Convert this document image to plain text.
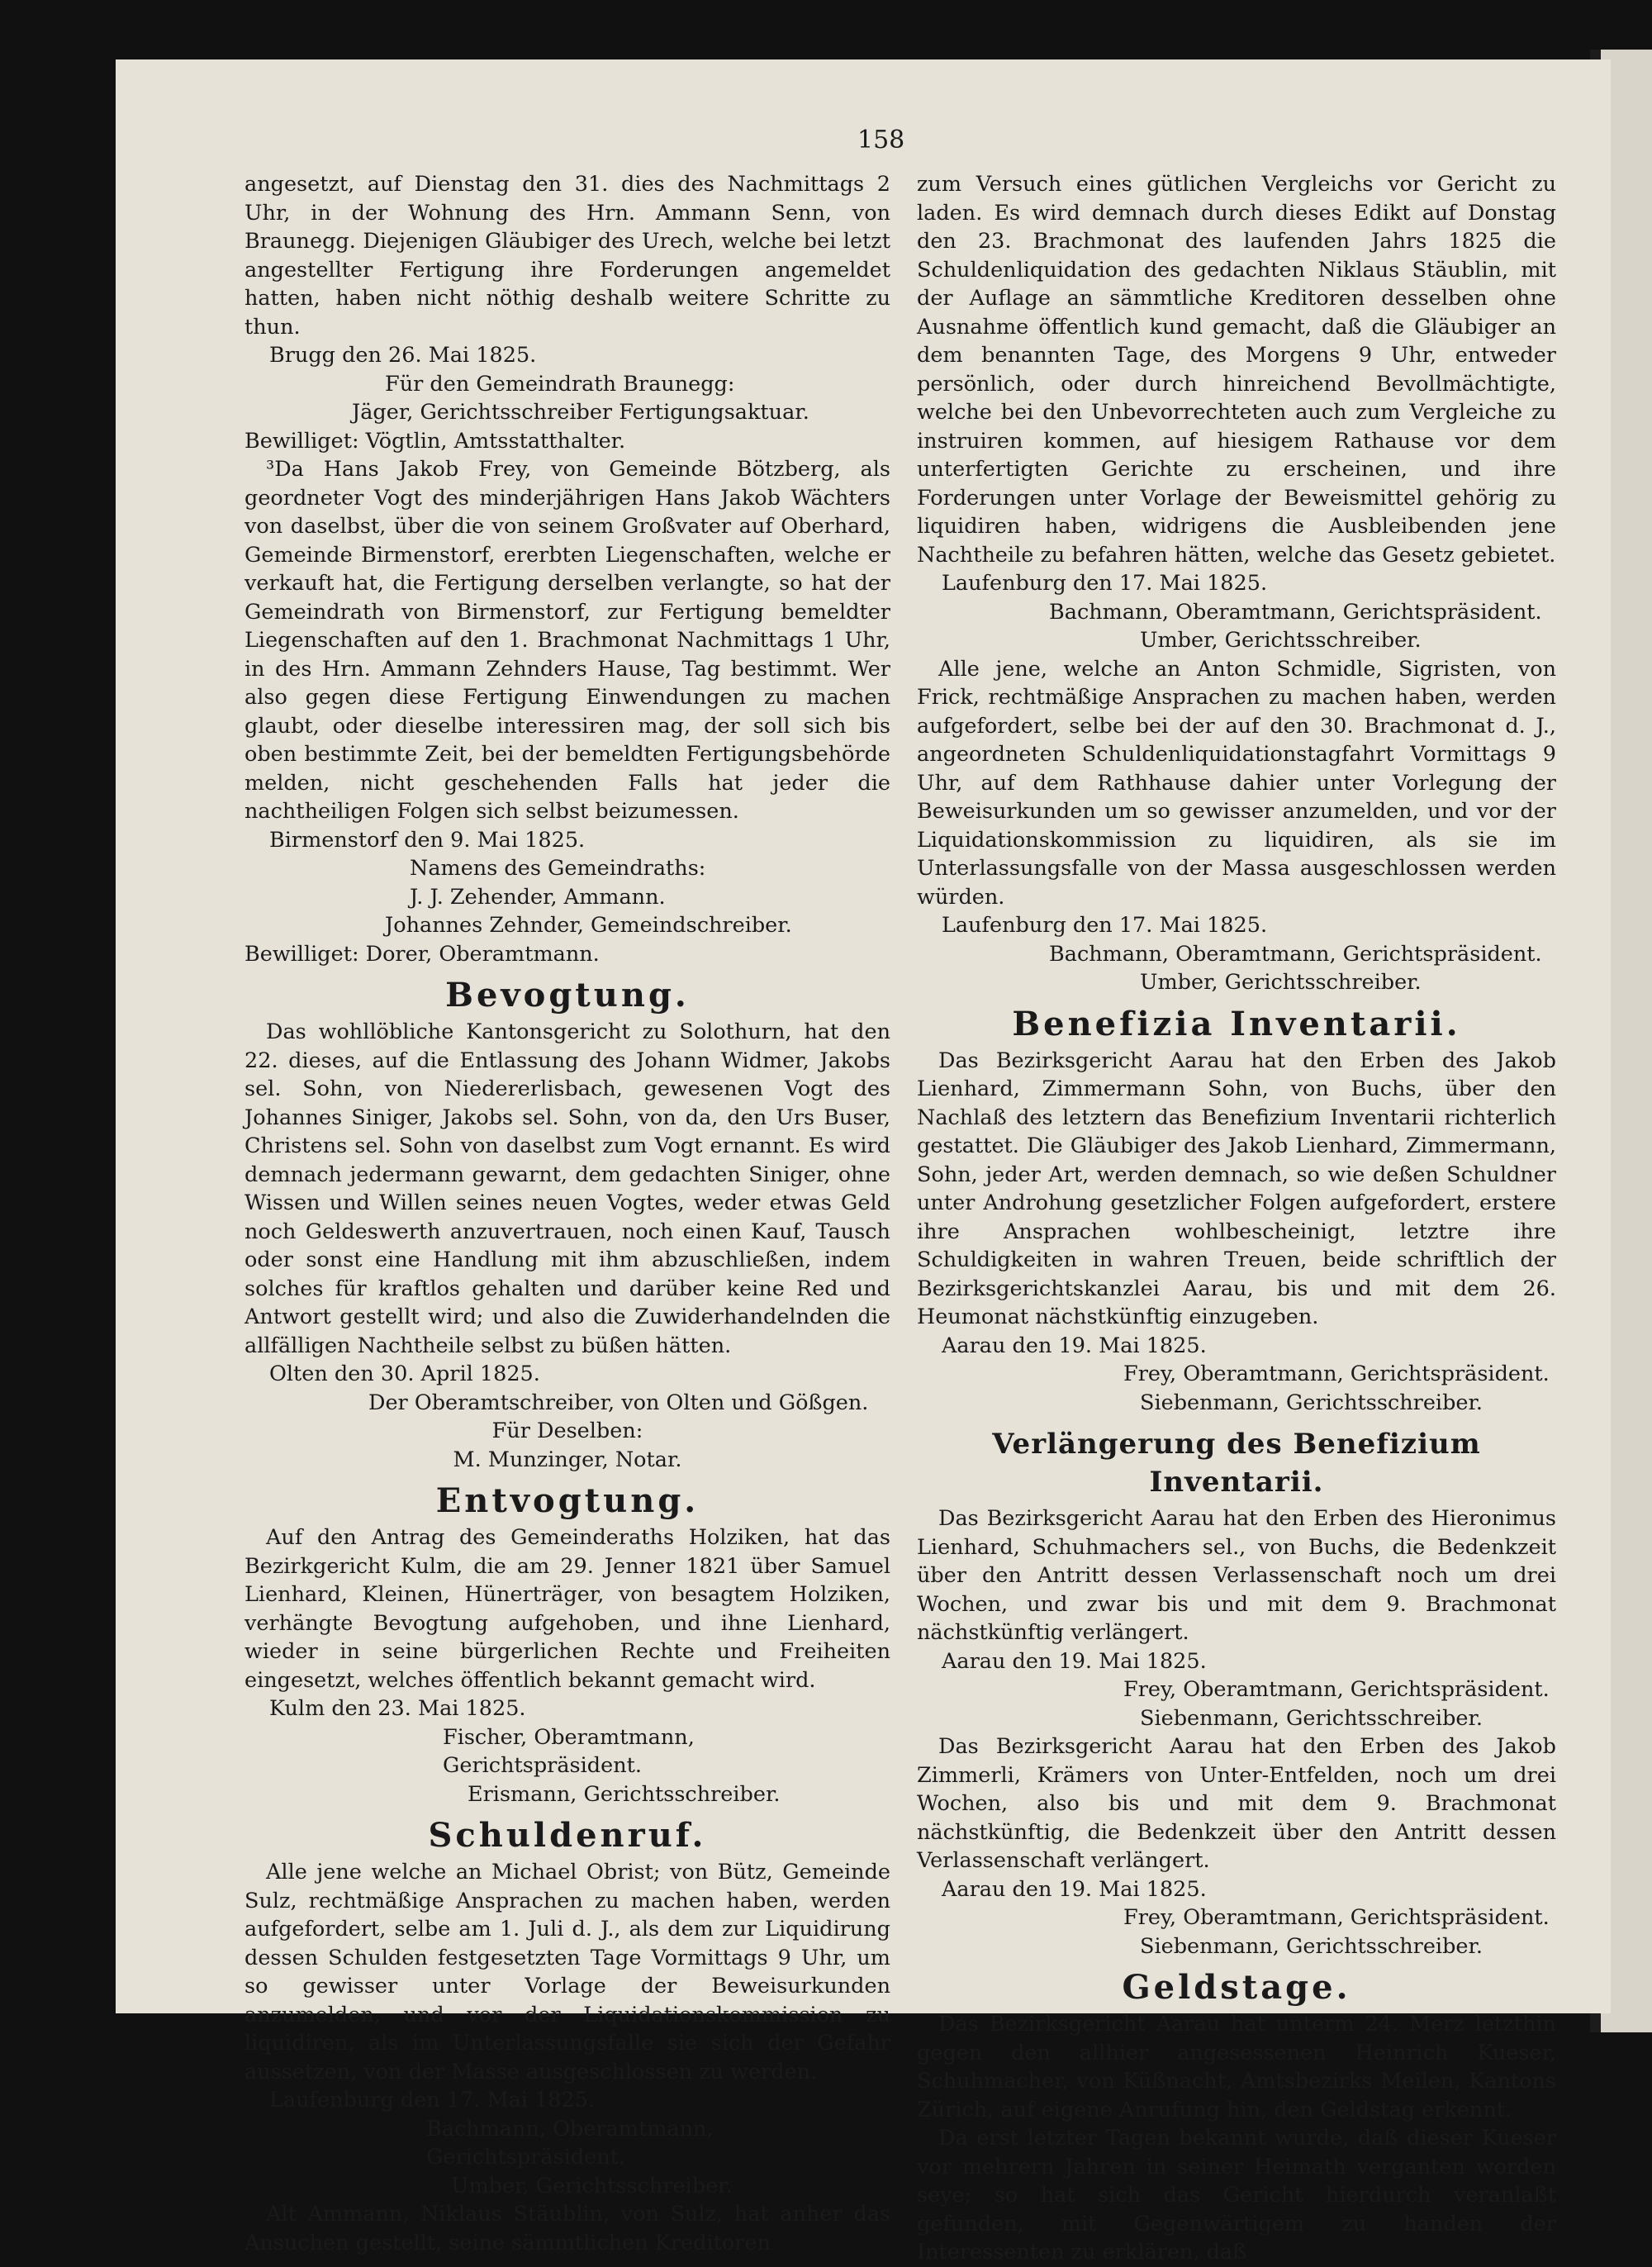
158

angesetzt, auf Dienstag den 31. dies des Nachmittags 2 Uhr, in der Wohnung des Hrn. Ammann Senn, von Braunegg. Diejenigen Gläubiger des Urech, welche bei letzt angestellter Fertigung ihre Forderungen angemeldet hatten, haben nicht nöthig deshalb weitere Schritte zu thun.

Brugg den 26. Mai 1825.
Für den Gemeindrath Braunegg:
Jäger, Gerichtsschreiber Fertigungsaktuar.
Bewilliget: Vögtlin, Amtsstatthalter.

³Da Hans Jakob Frey, von Gemeinde Bötzberg, als geordneter Vogt des minderjährigen Hans Jakob Wächters von daselbst, über die von seinem Großvater auf Oberhard, Gemeinde Birmenstorf, ererbten Liegenschaften, welche er verkauft hat, die Fertigung derselben verlangte, so hat der Gemeindrath von Birmenstorf, zur Fertigung bemeldter Liegenschaften auf den 1. Brachmonat Nachmittags 1 Uhr, in des Hrn. Ammann Zehnders Hause, Tag bestimmt. Wer also gegen diese Fertigung Einwendungen zu machen glaubt, oder dieselbe interessiren mag, der soll sich bis oben bestimmte Zeit, bei der bemeldten Fertigungsbehörde melden, nicht geschehenden Falls hat jeder die nachtheiligen Folgen sich selbst beizumessen.

Birmenstorf den 9. Mai 1825.
Namens des Gemeindraths:
J. J. Zehender, Ammann.
Johannes Zehnder, Gemeindschreiber.
Bewilliget: Dorer, Oberamtmann.
Bevogtung.

Das wohllöbliche Kantonsgericht zu Solothurn, hat den 22. dieses, auf die Entlassung des Johann Widmer, Jakobs sel. Sohn, von Niedererlisbach, gewesenen Vogt des Johannes Siniger, Jakobs sel. Sohn, von da, den Urs Buser, Christens sel. Sohn von daselbst zum Vogt ernannt. Es wird demnach jedermann gewarnt, dem gedachten Siniger, ohne Wissen und Willen seines neuen Vogtes, weder etwas Geld noch Geldeswerth anzuvertrauen, noch einen Kauf, Tausch oder sonst eine Handlung mit ihm abzuschließen, indem solches für kraftlos gehalten und darüber keine Red und Antwort gestellt wird; und also die Zuwiderhandelnden die allfälligen Nachtheile selbst zu büßen hätten.

Olten den 30. April 1825.
Der Oberamtschreiber, von Olten und Gößgen.
Für Deselben:
M. Munzinger, Notar.
Entvogtung.

Auf den Antrag des Gemeinderaths Holziken, hat das Bezirkgericht Kulm, die am 29. Jenner 1821 über Samuel Lienhard, Kleinen, Hünerträger, von besagtem Holziken, verhängte Bevogtung aufgehoben, und ihne Lienhard, wieder in seine bürgerlichen Rechte und Freiheiten eingesetzt, welches öffentlich bekannt gemacht wird.

Kulm den 23. Mai 1825.
Fischer, Oberamtmann, Gerichtspräsident.
Erismann, Gerichtsschreiber.
Schuldenruf.

Alle jene welche an Michael Obrist; von Bütz, Gemeinde Sulz, rechtmäßige Ansprachen zu machen haben, werden aufgefordert, selbe am 1. Juli d. J., als dem zur Liquidirung dessen Schulden festgesetzten Tage Vormittags 9 Uhr, um so gewisser unter Vorlage der Beweisurkunden anzumelden, und vor der Liquidationskommission zu liquidiren, als im Unterlassungsfalle sie sich der Gefahr aussetzen, von der Masse ausgeschlossen zu werden.

Laufenburg den 17. Mai 1825.
Bachmann, Oberamtmann, Gerichtspräsident.
Umber, Gerichtsschreiber.

Alt Ammann, Niklaus Stäublin, von Sulz, hat anher das Ansuchen gestellt, seine sämmtlichen Kreditoren

zum Versuch eines gütlichen Vergleichs vor Gericht zu laden. Es wird demnach durch dieses Edikt auf Donstag den 23. Brachmonat des laufenden Jahrs 1825 die Schuldenliquidation des gedachten Niklaus Stäublin, mit der Auflage an sämmtliche Kreditoren desselben ohne Ausnahme öffentlich kund gemacht, daß die Gläubiger an dem benannten Tage, des Morgens 9 Uhr, entweder persönlich, oder durch hinreichend Bevollmächtigte, welche bei den Unbevorrechteten auch zum Vergleiche zu instruiren kommen, auf hiesigem Rathause vor dem unterfertigten Gerichte zu erscheinen, und ihre Forderungen unter Vorlage der Beweismittel gehörig zu liquidiren haben, widrigens die Ausbleibenden jene Nachtheile zu befahren hätten, welche das Gesetz gebietet.

Laufenburg den 17. Mai 1825.
Bachmann, Oberamtmann, Gerichtspräsident.
Umber, Gerichtsschreiber.

Alle jene, welche an Anton Schmidle, Sigristen, von Frick, rechtmäßige Ansprachen zu machen haben, werden aufgefordert, selbe bei der auf den 30. Brachmonat d. J., angeordneten Schuldenliquidationstagfahrt Vormittags 9 Uhr, auf dem Rathhause dahier unter Vorlegung der Beweisurkunden um so gewisser anzumelden, und vor der Liquidationskommission zu liquidiren, als sie im Unterlassungsfalle von der Massa ausgeschlossen werden würden.

Laufenburg den 17. Mai 1825.
Bachmann, Oberamtmann, Gerichtspräsident.
Umber, Gerichtsschreiber.
Benefizia Inventarii.

Das Bezirksgericht Aarau hat den Erben des Jakob Lienhard, Zimmermann Sohn, von Buchs, über den Nachlaß des letztern das Benefizium Inventarii richterlich gestattet. Die Gläubiger des Jakob Lienhard, Zimmermann, Sohn, jeder Art, werden demnach, so wie deßen Schuldner unter Androhung gesetzlicher Folgen aufgefordert, erstere ihre Ansprachen wohlbescheinigt, letztre ihre Schuldigkeiten in wahren Treuen, beide schriftlich der Bezirksgerichtskanzlei Aarau, bis und mit dem 26. Heumonat nächstkünftig einzugeben.

Aarau den 19. Mai 1825.
Frey, Oberamtmann, Gerichtspräsident.
Siebenmann, Gerichtsschreiber.
Verlängerung des Benefizium Inventarii.

Das Bezirksgericht Aarau hat den Erben des Hieronimus Lienhard, Schuhmachers sel., von Buchs, die Bedenkzeit über den Antritt dessen Verlassenschaft noch um drei Wochen, und zwar bis und mit dem 9. Brachmonat nächstkünftig verlängert.

Aarau den 19. Mai 1825.
Frey, Oberamtmann, Gerichtspräsident.
Siebenmann, Gerichtsschreiber.

Das Bezirksgericht Aarau hat den Erben des Jakob Zimmerli, Krämers von Unter-Entfelden, noch um drei Wochen, also bis und mit dem 9. Brachmonat nächstkünftig, die Bedenkzeit über den Antritt dessen Verlassenschaft verlängert.

Aarau den 19. Mai 1825.
Frey, Oberamtmann, Gerichtspräsident.
Siebenmann, Gerichtsschreiber.
Geldstage.

Das Bezirksgericht Aarau hat unterm 24. Merz letzthin gegen den allhier angesessenen Heinrich Kueser, Schuhmacher, von Küßnacht, Amtsbezirks Meilen, Kantons Zürich, auf eigene Anrufung hin, den Geldstag erkennt.

Da erst letzter Tagen bekannt wurde, daß dieser Kueser vor mehrern Jahren in seiner Heimath verganten worden seye; so hat sich das Gericht hierdurch veranlaßt gefunden, mit Gegenwärtigem zu handen der Interessenten zu erklären, daß
